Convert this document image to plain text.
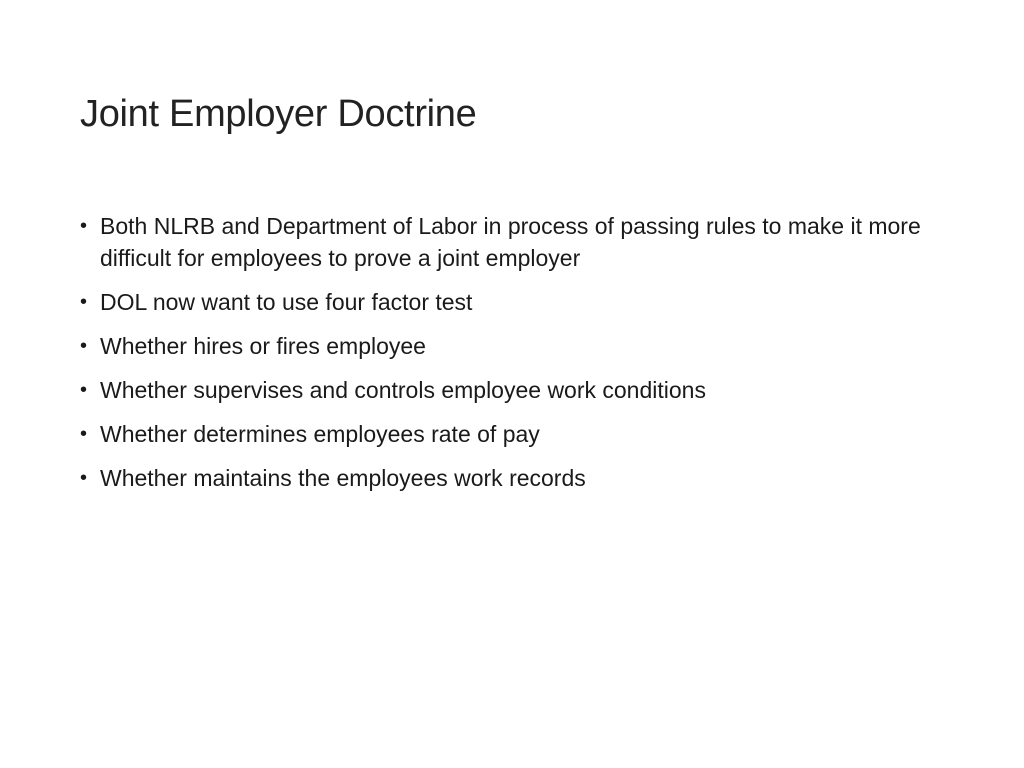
Joint Employer Doctrine
• Both NLRB and Department of Labor in process of passing rules to make it more difficult for employees to prove a joint employer
• DOL now want to use four factor test
• Whether hires or fires employee
• Whether supervises and controls employee work conditions
• Whether determines employees rate of pay
• Whether maintains the employees work records
